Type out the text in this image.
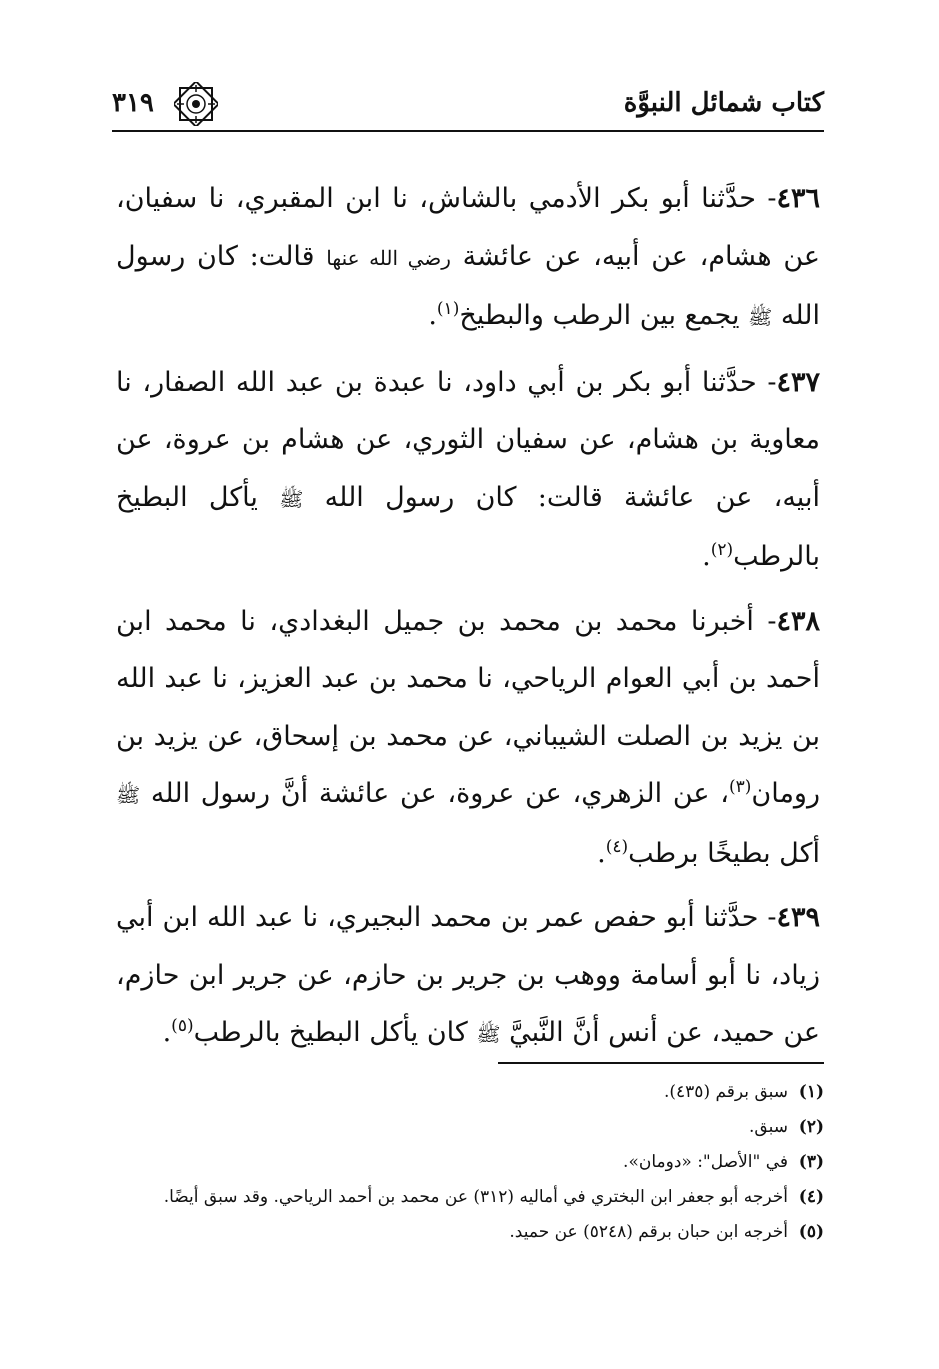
كتاب شمائل النبوَّة
٣١٩

٤٣٦- حدَّثنا أبو بكر الأدمي بالشاش، نا ابن المقبري، نا سفيان، عن هشام، عن أبيه، عن عائشة رضي الله عنها قالت: كان رسول الله ﷺ يجمع بين الرطب والبطيخ$^{(١)}$.

٤٣٧- حدَّثنا أبو بكر بن أبي داود، نا عبدة بن عبد الله الصفار، نا معاوية بن هشام، عن سفيان الثوري، عن هشام بن عروة، عن أبيه، عن عائشة قالت: كان رسول الله ﷺ يأكل البطيخ بالرطب$^{(٢)}$.

٤٣٨- أخبرنا محمد بن محمد بن جميل البغدادي، نا محمد ابن أحمد بن أبي العوام الرياحي، نا محمد بن عبد العزيز، نا عبد الله بن يزيد بن الصلت الشيباني، عن محمد بن إسحاق، عن يزيد بن رومان$^{(٣)}$، عن الزهري، عن عروة، عن عائشة أنَّ رسول الله ﷺ أكل بطيخًا برطب$^{(٤)}$.

٤٣٩- حدَّثنا أبو حفص عمر بن محمد البجيري، نا عبد الله ابن أبي زياد، نا أبو أسامة ووهب بن جرير بن حازم، عن جرير ابن حازم، عن حميد، عن أنس أنَّ النَّبيَّ ﷺ كان يأكل البطيخ بالرطب$^{(٥)}$.

(١)
سبق برقم (٤٣٥).
(٢)
سبق.
(٣)
في "الأصل": «دومان».
(٤)
أخرجه أبو جعفر ابن البختري في أماليه (٣١٢) عن محمد بن أحمد الرياحي. وقد سبق أيضًا.
(٥)
أخرجه ابن حبان برقم (٥٢٤٨) عن حميد.
